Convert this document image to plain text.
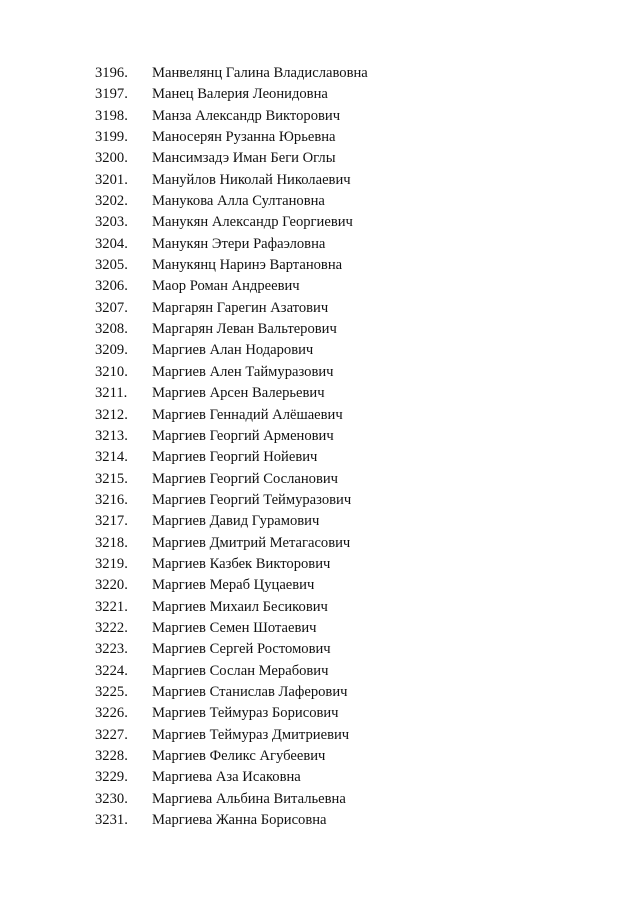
3196. Манвелянц Галина Владиславовна
3197. Манец Валерия Леонидовна
3198. Манза Александр Викторович
3199. Маносерян Рузанна Юрьевна
3200. Мансимзадэ Иман Беги Оглы
3201. Мануйлов Николай Николаевич
3202. Манукова Алла Султановна
3203. Манукян Александр Георгиевич
3204. Манукян Этери Рафаэловна
3205. Манукянц Наринэ Вартановна
3206. Маор Роман Андреевич
3207. Маргарян Гарегин Азатович
3208. Маргарян Леван Вальтерович
3209. Маргиев Алан Нодарович
3210. Маргиев Ален Таймуразович
3211. Маргиев Арсен Валерьевич
3212. Маргиев Геннадий Алёшаевич
3213. Маргиев Георгий Арменович
3214. Маргиев Георгий Нойевич
3215. Маргиев Георгий Сосланович
3216. Маргиев Георгий Теймуразович
3217. Маргиев Давид Гурамович
3218. Маргиев Дмитрий Метагасович
3219. Маргиев Казбек Викторович
3220. Маргиев Мераб Цуцаевич
3221. Маргиев Михаил Бесикович
3222. Маргиев Семен Шотаевич
3223. Маргиев Сергей Ростомович
3224. Маргиев Сослан Мерабович
3225. Маргиев Станислав Лаферович
3226. Маргиев Теймураз Борисович
3227. Маргиев Теймураз Дмитриевич
3228. Маргиев Феликс Агубеевич
3229. Маргиева Аза Исаковна
3230. Маргиева Альбина Витальевна
3231. Маргиева Жанна Борисовна
